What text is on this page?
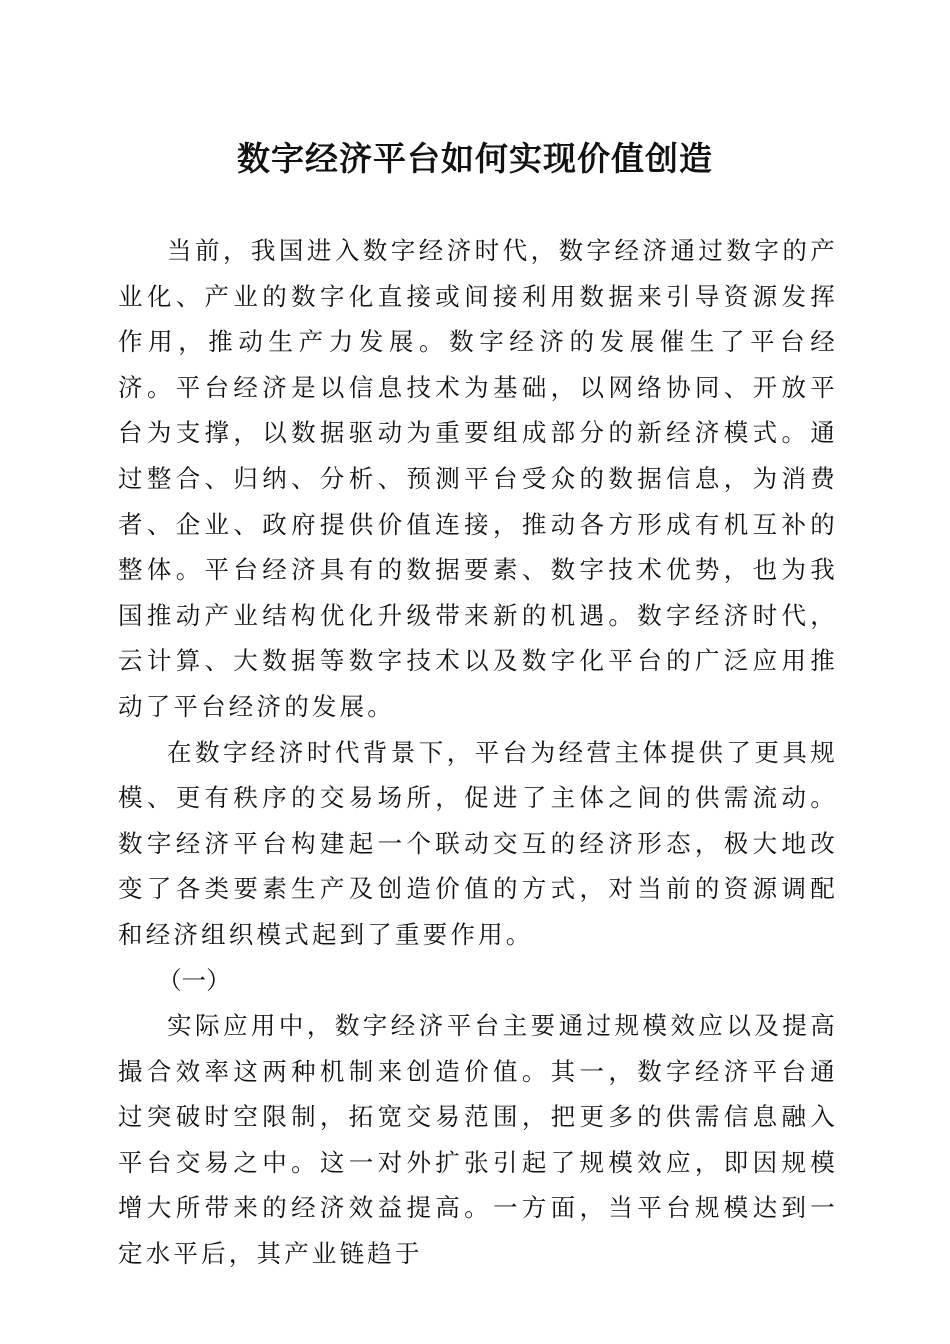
数字经济平台如何实现价值创造

当前，我国进入数字经济时代，数字经济通过数字的产业化、产业的数字化直接或间接利用数据来引导资源发挥作用，推动生产力发展。数字经济的发展催生了平台经济。平台经济是以信息技术为基础，以网络协同、开放平台为支撑，以数据驱动为重要组成部分的新经济模式。通过整合、归纳、分析、预测平台受众的数据信息，为消费者、企业、政府提供价值连接，推动各方形成有机互补的整体。平台经济具有的数据要素、数字技术优势，也为我国推动产业结构优化升级带来新的机遇。数字经济时代，云计算、大数据等数字技术以及数字化平台的广泛应用推动了平台经济的发展。

在数字经济时代背景下，平台为经营主体提供了更具规模、更有秩序的交易场所，促进了主体之间的供需流动。数字经济平台构建起一个联动交互的经济形态，极大地改变了各类要素生产及创造价值的方式，对当前的资源调配和经济组织模式起到了重要作用。

（一）

实际应用中，数字经济平台主要通过规模效应以及提高撮合效率这两种机制来创造价值。其一，数字经济平台通过突破时空限制，拓宽交易范围，把更多的供需信息融入平台交易之中。这一对外扩张引起了规模效应，即因规模增大所带来的经济效益提高。一方面，当平台规模达到一定水平后，其产业链趋于
